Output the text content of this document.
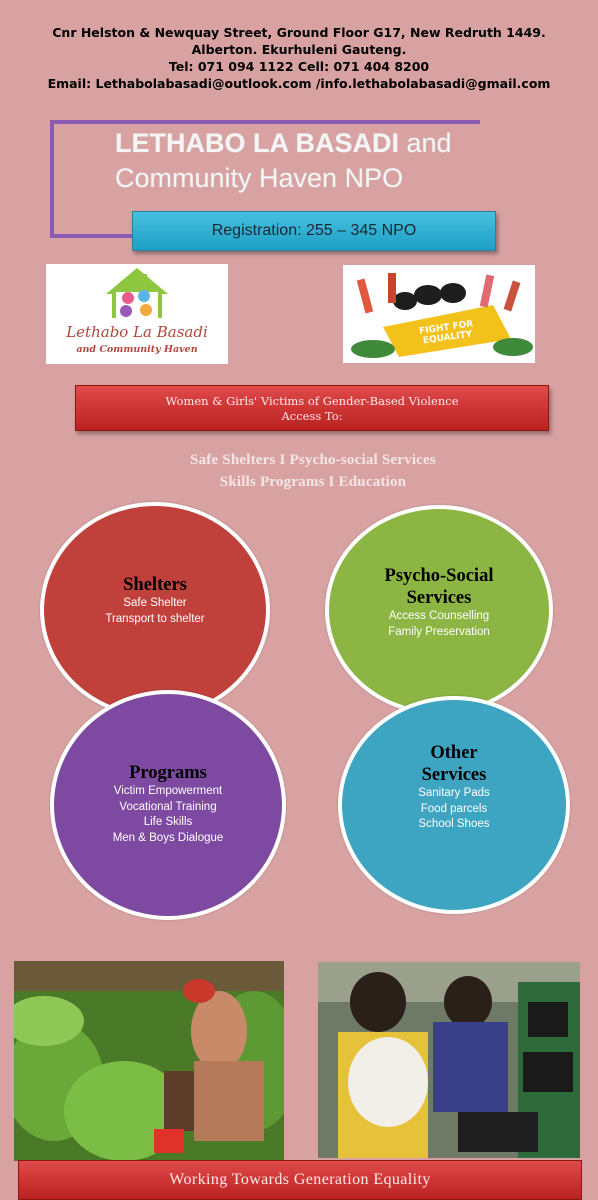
Cnr Helston & Newquay Street, Ground Floor G17, New Redruth 1449.
Alberton. Ekurhuleni Gauteng.
Tel: 071 094 1122 Cell: 071 404 8200
Email: Lethabolabasadi@outlook.com /info.lethabolabasadi@gmail.com
LETHABO LA BASADI and
Community Haven NPO
Registration: 255 – 345 NPO
Lethabo La Basadi
and Community Haven
FIGHT FOR EQUALITY
Women & Girls' Victims of Gender-Based Violence
Access To:
Safe Shelters I Psycho-social Services
Skills Programs I Education
Shelters
Safe Shelter
Transport to shelter
Psycho-Social
Services
Access Counselling
Family Preservation
Programs
Victim Empowerment
Vocational Training
Life Skills
Men & Boys Dialogue
Other
Services
Sanitary Pads
Food parcels
School Shoes
Working Towards Generation Equality
